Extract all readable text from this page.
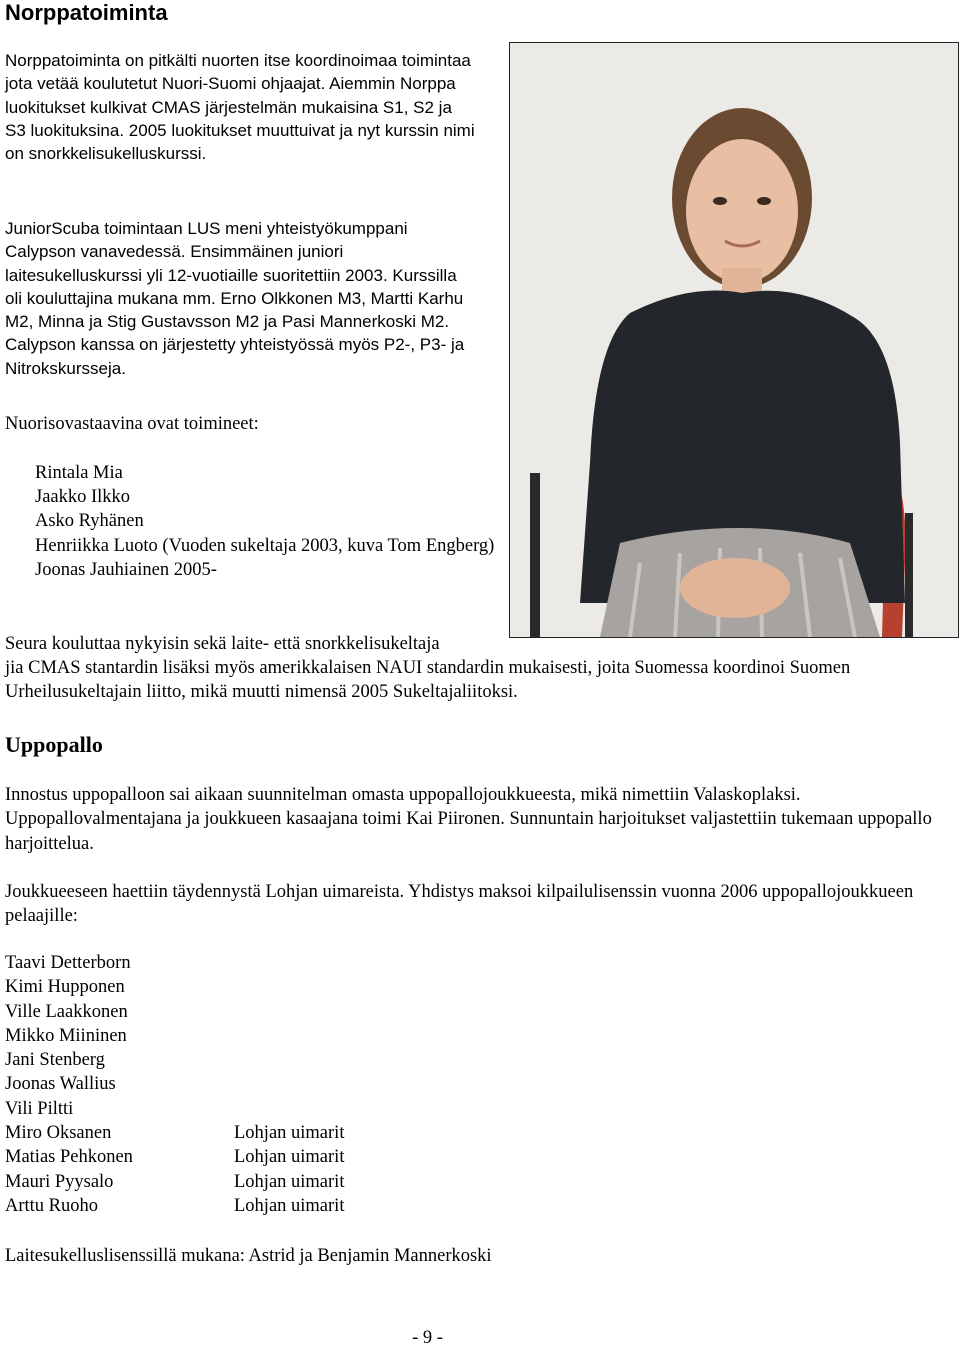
Norppatoiminta

Norppatoiminta on pitkälti nuorten itse koordinoimaa toimintaa jota vetää koulutetut Nuori-Suomi ohjaajat. Aiemmin Norppa luokitukset kulkivat CMAS järjestelmän mukaisina S1, S2 ja S3 luokituksina. 2005 luokitukset muuttuivat ja nyt kurssin nimi on snorkkelisukelluskurssi.

JuniorScuba toimintaan LUS meni yhteistyökumppani Calypson vanavedessä. Ensimmäinen juniori laitesukelluskurssi yli 12-vuotiaille suoritettiin 2003. Kurssilla oli kouluttajina mukana mm. Erno Olkkonen M3, Martti Karhu M2, Minna ja Stig Gustavsson M2 ja Pasi Mannerkoski M2. Calypson kanssa on järjestetty yhteistyössä myös P2-, P3- ja Nitrokskursseja.

Nuorisovastaavina ovat toimineet:

Rintala Mia
Jaakko Ilkko
Asko Ryhänen
Henriikka Luoto (Vuoden sukeltaja 2003, kuva Tom Engberg)
Joonas Jauhiainen 2005-

Seura kouluttaa nykyisin sekä laite- että snorkkelisukeltaja

jia CMAS stantardin lisäksi myös amerikkalaisen NAUI standardin mukaisesti, joita Suomessa koordinoi Suomen Urheilusukeltajain liitto, mikä muutti nimensä 2005 Sukeltajaliitoksi.

Uppopallo

Innostus uppopalloon sai aikaan suunnitelman omasta uppopallojoukkueesta, mikä nimettiin Valaskoplaksi. Uppopallovalmentajana ja joukkueen kasaajana toimi Kai Piironen. Sunnuntain harjoitukset valjastettiin tukemaan uppopallo harjoittelua.

Joukkueeseen haettiin täydennystä Lohjan uimareista. Yhdistys maksoi kilpailulisenssin vuonna 2006 uppopallojoukkueen pelaajille:

Taavi Detterborn	
Kimi Hupponen	
Ville Laakkonen	
Mikko Miininen	
Jani Stenberg	
Joonas Wallius	
Vili Piltti	
Miro Oksanen	Lohjan uimarit
Matias Pehkonen	Lohjan uimarit
Mauri Pyysalo	Lohjan uimarit
Arttu Ruoho	Lohjan uimarit

Laitesukelluslisenssillä mukana: Astrid ja Benjamin Mannerkoski

- 9 -
